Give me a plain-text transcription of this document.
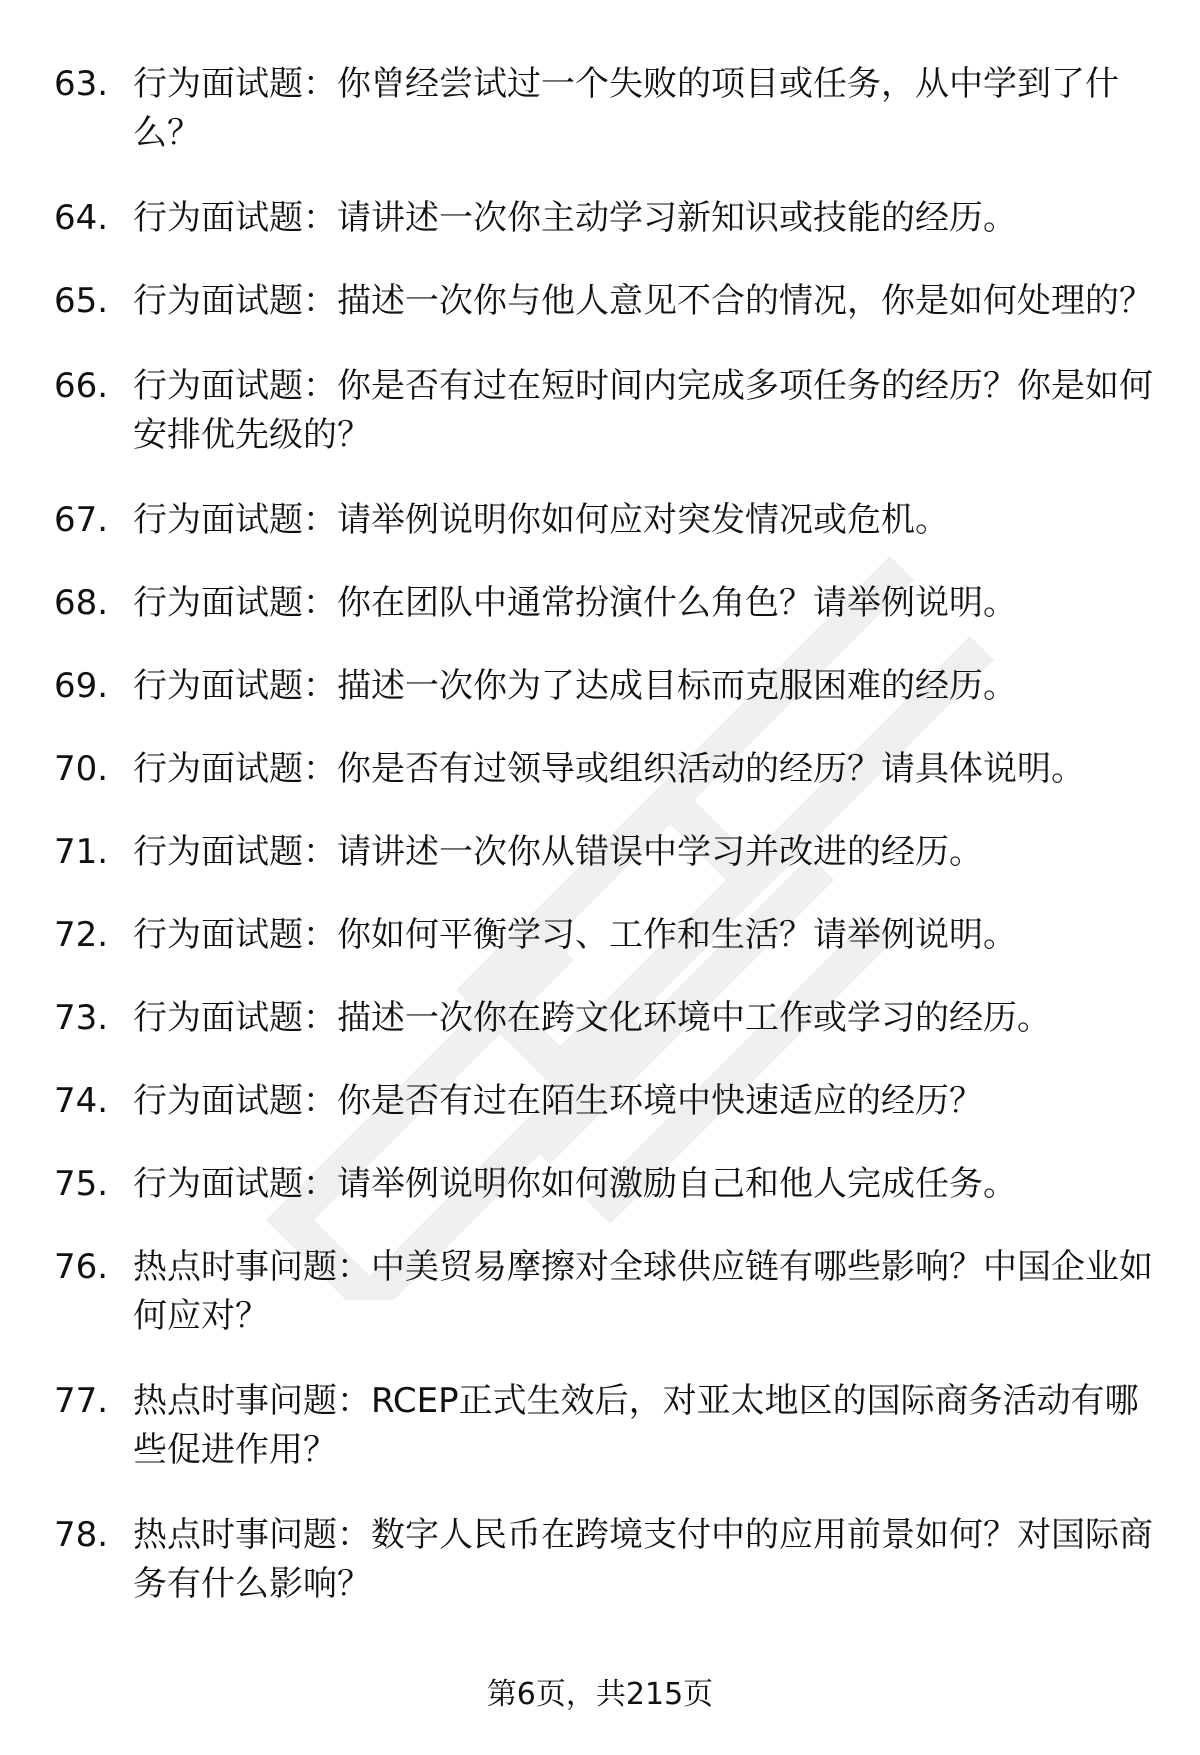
63. 行为面试题：你曾经尝试过一个失败的项目或任务，从中学到了什么？
64. 行为面试题：请讲述一次你主动学习新知识或技能的经历。
65. 行为面试题：描述一次你与他人意见不合的情况，你是如何处理的？
66. 行为面试题：你是否有过在短时间内完成多项任务的经历？你是如何安排优先级的？
67. 行为面试题：请举例说明你如何应对突发情况或危机。
68. 行为面试题：你在团队中通常扮演什么角色？请举例说明。
69. 行为面试题：描述一次你为了达成目标而克服困难的经历。
70. 行为面试题：你是否有过领导或组织活动的经历？请具体说明。
71. 行为面试题：请讲述一次你从错误中学习并改进的经历。
72. 行为面试题：你如何平衡学习、工作和生活？请举例说明。
73. 行为面试题：描述一次你在跨文化环境中工作或学习的经历。
74. 行为面试题：你是否有过在陌生环境中快速适应的经历？
75. 行为面试题：请举例说明你如何激励自己和他人完成任务。
76. 热点时事问题：中美贸易摩擦对全球供应链有哪些影响？中国企业如何应对？
77. 热点时事问题：RCEP正式生效后，对亚太地区的国际商务活动有哪些促进作用？
78. 热点时事问题：数字人民币在跨境支付中的应用前景如何？对国际商务有什么影响？
第6页，共215页
